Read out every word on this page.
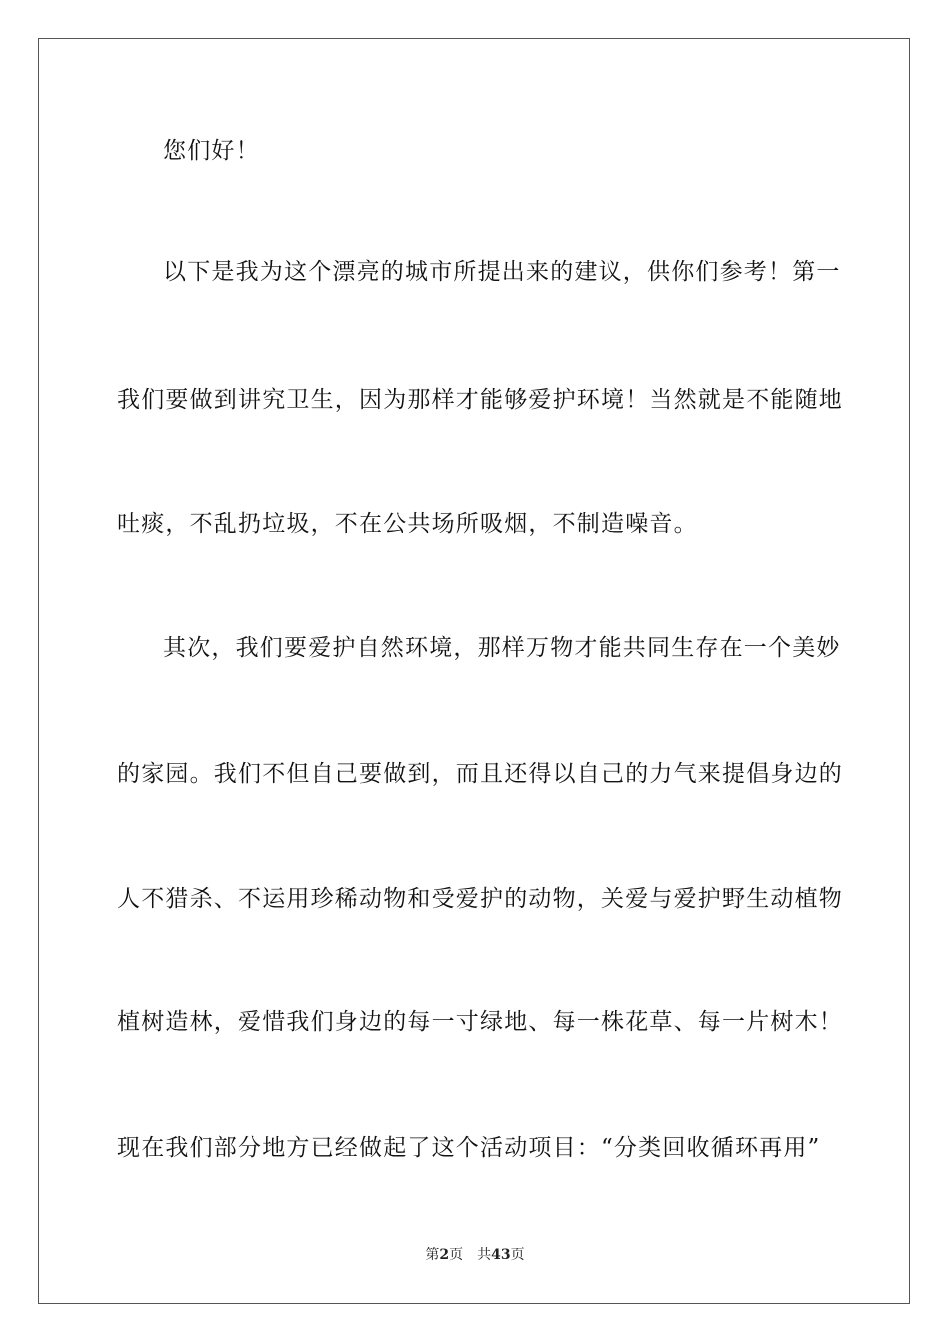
您们好！
以下是我为这个漂亮的城市所提出来的建议，供你们参考！第一
我们要做到讲究卫生，因为那样才能够爱护环境！当然就是不能随地
吐痰，不乱扔垃圾，不在公共场所吸烟，不制造噪音。
其次，我们要爱护自然环境，那样万物才能共同生存在一个美妙
的家园。我们不但自己要做到，而且还得以自己的力气来提倡身边的
人不猎杀、不运用珍稀动物和受爱护的动物，关爱与爱护野生动植物
植树造林，爱惜我们身边的每一寸绿地、每一株花草、每一片树木！
现在我们部分地方已经做起了这个活动项目：“分类回收循环再用”
第2页 共43页
